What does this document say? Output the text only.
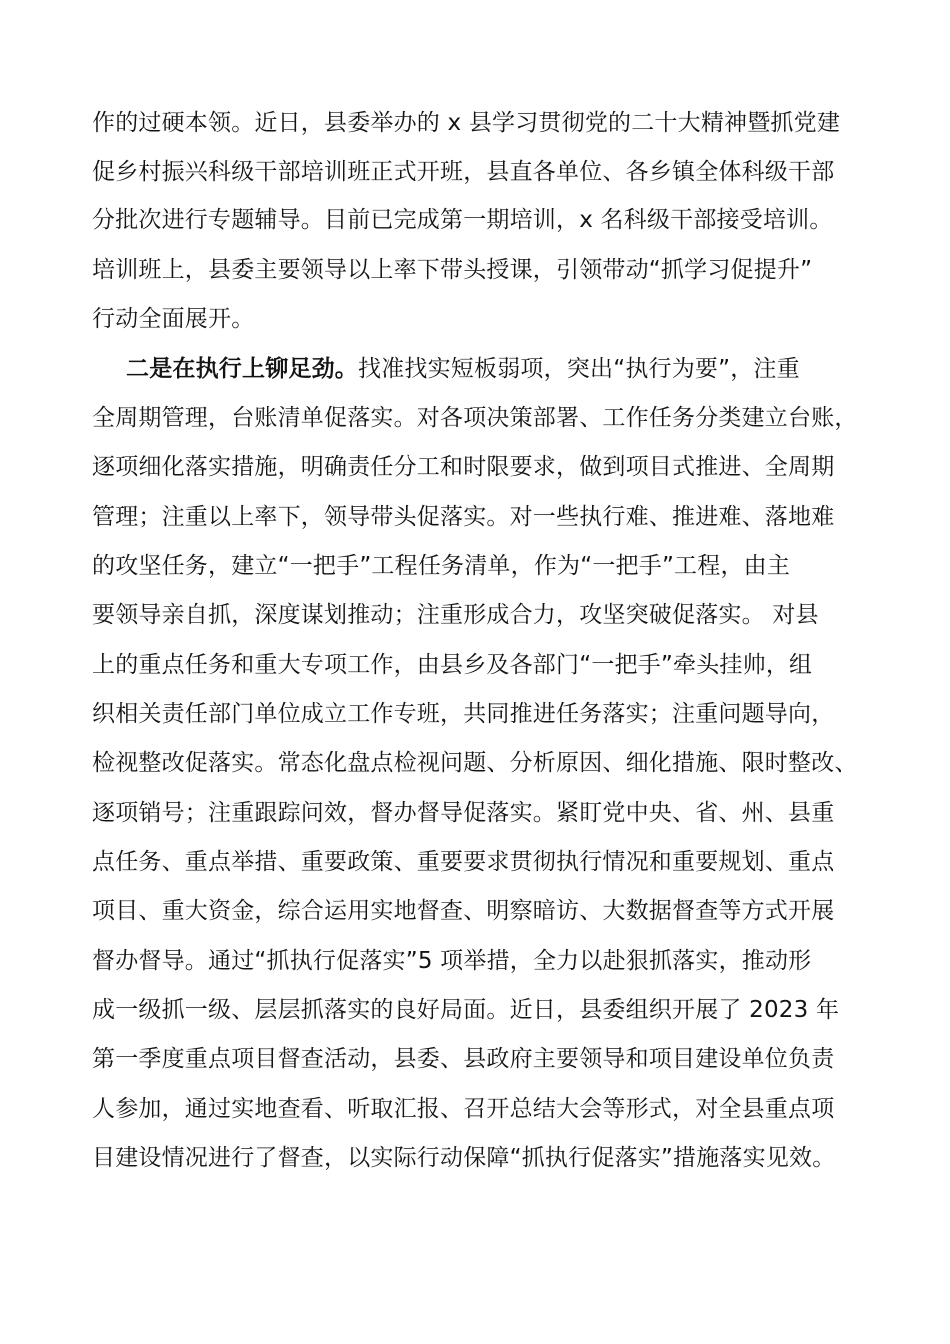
作的过硬本领。近日，县委举办的 x 县学习贯彻党的二十大精神暨抓党建
促乡村振兴科级干部培训班正式开班，县直各单位、各乡镇全体科级干部
分批次进行专题辅导。目前已完成第一期培训，x 名科级干部接受培训。
培训班上，县委主要领导以上率下带头授课，引领带动“抓学习促提升”
行动全面展开。
二是在执行上铆足劲。找准找实短板弱项，突出“执行为要”，注重
全周期管理，台账清单促落实。对各项决策部署、工作任务分类建立台账，
逐项细化落实措施，明确责任分工和时限要求，做到项目式推进、全周期
管理；注重以上率下，领导带头促落实。对一些执行难、推进难、落地难
的攻坚任务，建立“一把手”工程任务清单，作为“一把手”工程，由主
要领导亲自抓，深度谋划推动；注重形成合力，攻坚突破促落实。 对县
上的重点任务和重大专项工作，由县乡及各部门“一把手”牵头挂帅，组
织相关责任部门单位成立工作专班，共同推进任务落实；注重问题导向，
检视整改促落实。常态化盘点检视问题、分析原因、细化措施、限时整改、
逐项销号；注重跟踪问效，督办督导促落实。紧盯党中央、省、州、县重
点任务、重点举措、重要政策、重要要求贯彻执行情况和重要规划、重点
项目、重大资金，综合运用实地督查、明察暗访、大数据督查等方式开展
督办督导。通过“抓执行促落实”5 项举措，全力以赴狠抓落实，推动形
成一级抓一级、层层抓落实的良好局面。近日，县委组织开展了 2023 年
第一季度重点项目督查活动，县委、县政府主要领导和项目建设单位负责
人参加，通过实地查看、听取汇报、召开总结大会等形式，对全县重点项
目建设情况进行了督查，以实际行动保障“抓执行促落实”措施落实见效。
